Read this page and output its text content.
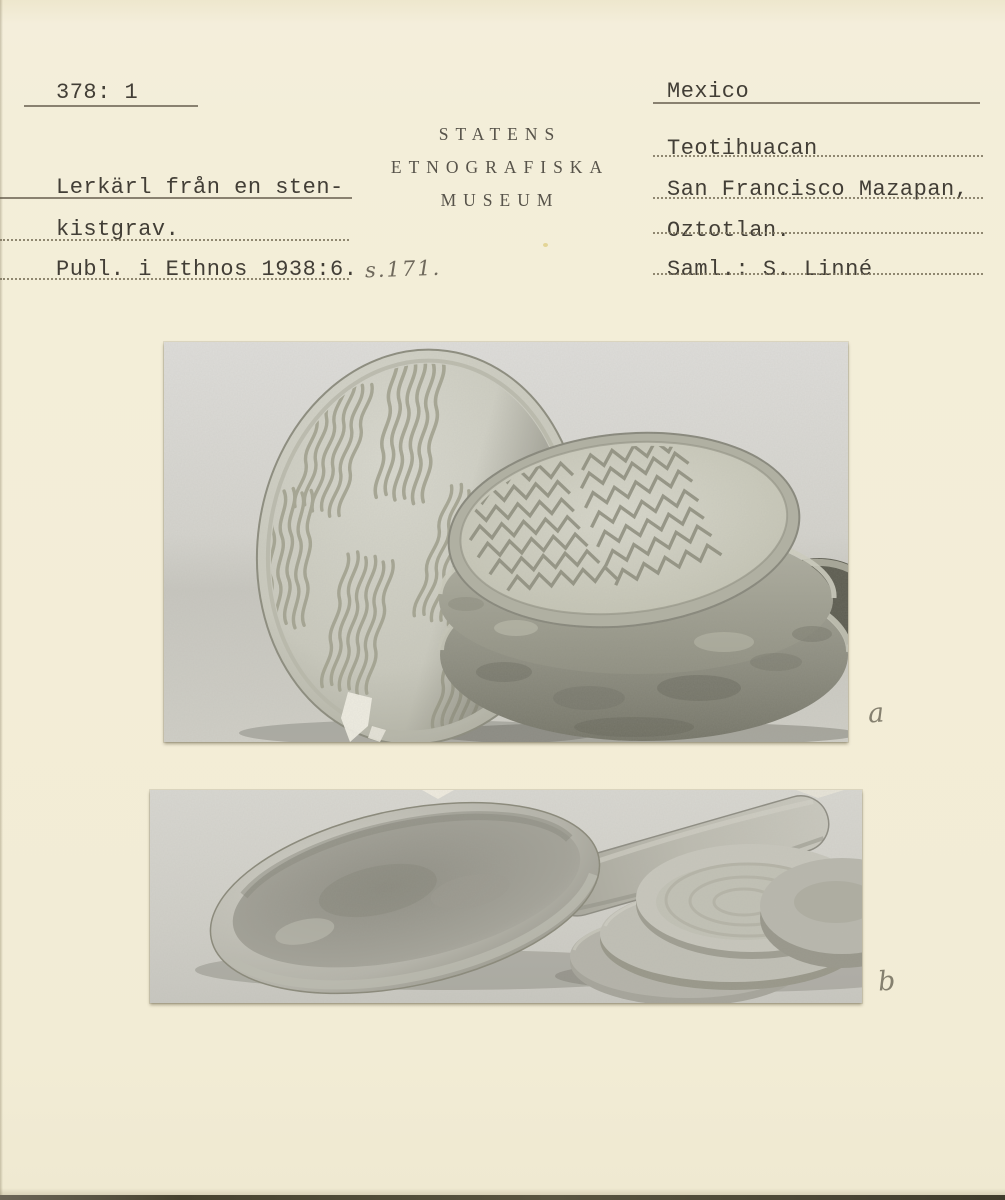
378: 1
STATENS
ETNOGRAFISKA
MUSEUM
Lerkärl från en sten-
kistgrav.
Publ. i Ethnos 1938:6. s.171.
Mexico
Teotihuacan
San Francisco Mazapan,
Oztotlan.
Saml.: S. Linné
a
b
